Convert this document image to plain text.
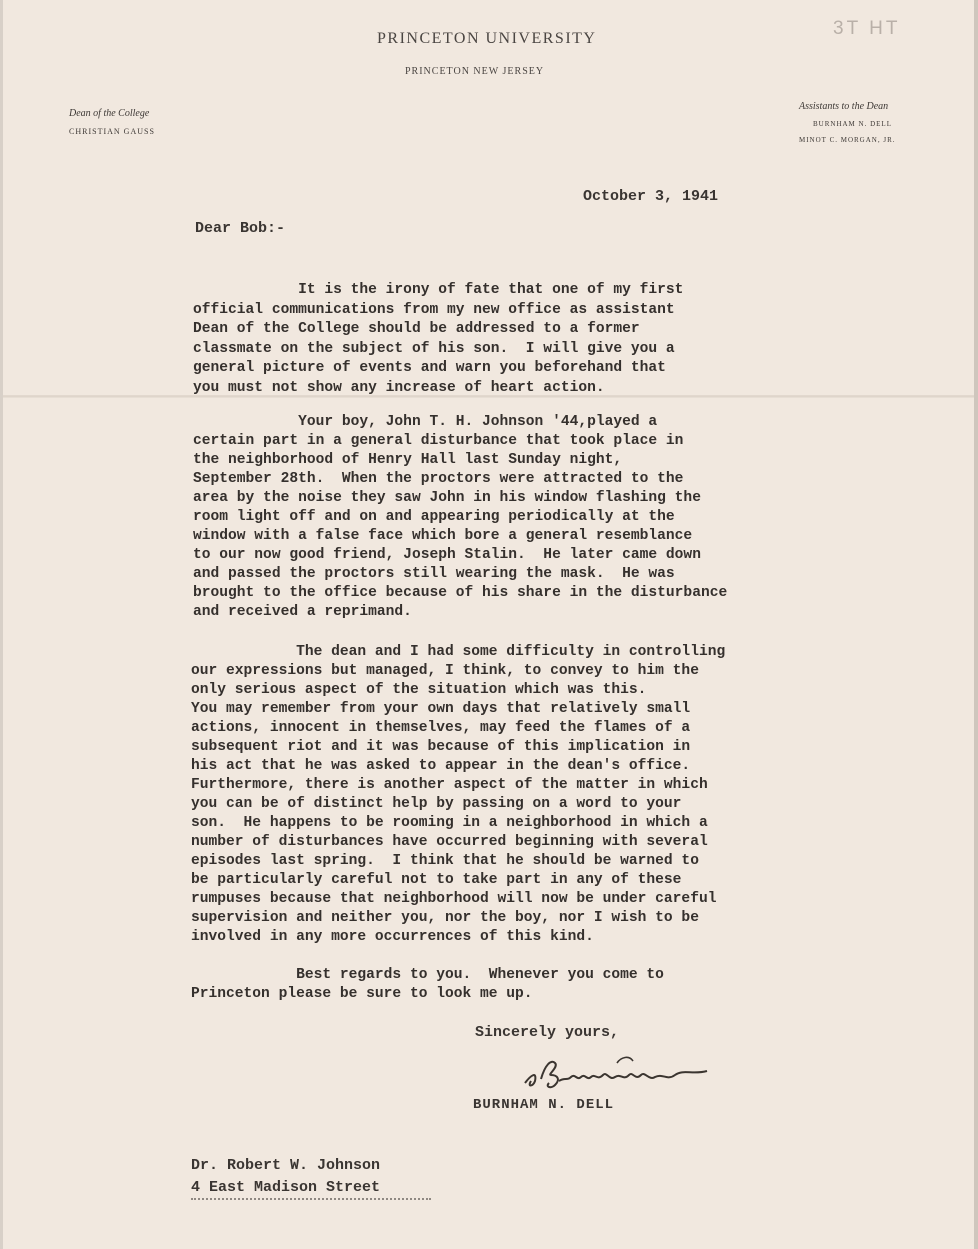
3T HT
PRINCETON UNIVERSITY
PRINCETON NEW JERSEY
Dean of the College
CHRISTIAN GAUSS
Assistants to the Dean
BURNHAM N. DELL
MINOT C. MORGAN, JR.
October 3, 1941
Dear Bob:-
It is the irony of fate that one of my first
official communications from my new office as assistant
Dean of the College should be addressed to a former
classmate on the subject of his son.  I will give you a
general picture of events and warn you beforehand that
you must not show any increase of heart action.
Your boy, John T. H. Johnson '44,played a
certain part in a general disturbance that took place in
the neighborhood of Henry Hall last Sunday night,
September 28th.  When the proctors were attracted to the
area by the noise they saw John in his window flashing the
room light off and on and appearing periodically at the
window with a false face which bore a general resemblance
to our now good friend, Joseph Stalin.  He later came down
and passed the proctors still wearing the mask.  He was
brought to the office because of his share in the disturbance
and received a reprimand.
The dean and I had some difficulty in controlling
our expressions but managed, I think, to convey to him the
only serious aspect of the situation which was this.
You may remember from your own days that relatively small
actions, innocent in themselves, may feed the flames of a
subsequent riot and it was because of this implication in
his act that he was asked to appear in the dean's office.
Furthermore, there is another aspect of the matter in which
you can be of distinct help by passing on a word to your
son.  He happens to be rooming in a neighborhood in which a
number of disturbances have occurred beginning with several
episodes last spring.  I think that he should be warned to
be particularly careful not to take part in any of these
rumpuses because that neighborhood will now be under careful
supervision and neither you, nor the boy, nor I wish to be
involved in any more occurrences of this kind.
Best regards to you.  Whenever you come to
Princeton please be sure to look me up.
Sincerely yours,
BURNHAM N. DELL
Dr. Robert W. Johnson
4 East Madison Street
